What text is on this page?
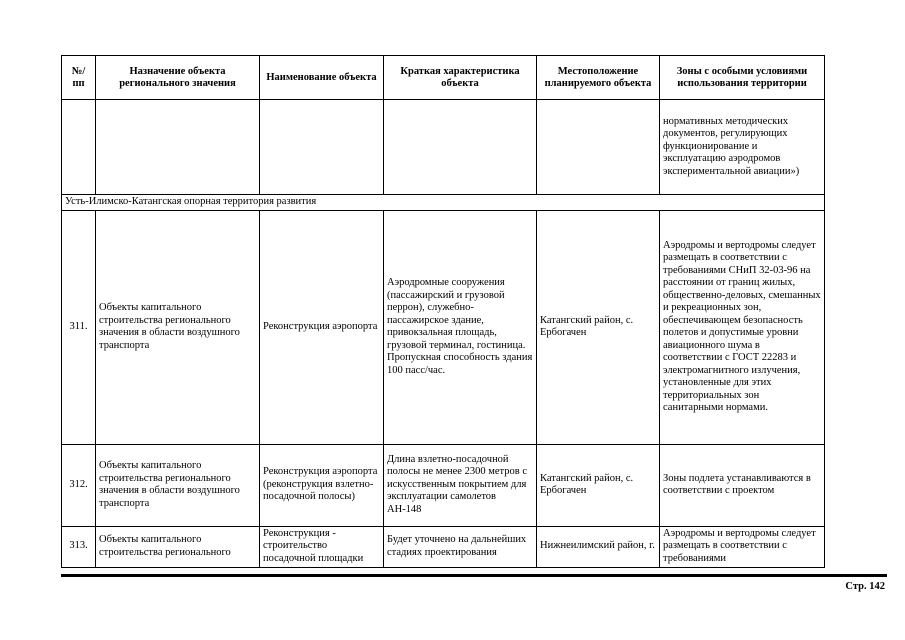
№/ пп	Назначение объекта регионального значения	Наименование объекта	Краткая характеристика объекта	Местоположение планируемого объекта	Зоны с особыми условиями использования территории
					нормативных методических документов, регулирующих функционирование и эксплуатацию аэродромов экспериментальной авиации»)
Усть-Илимско-Катангская опорная территория развития					
311.	Объекты капитального строительства регионального значения в области воздушного транспорта	Реконструкция аэропорта	Аэродромные сооружения (пассажирский и грузовой перрон), служебно-пассажирское здание, привокзальная площадь, грузовой терминал, гостиница. Пропускная способность здания 100 пасс/час.	Катангский район, с. Ербогачен	Аэродромы и вертодромы следует размещать в соответствии с требованиями СНиП 32-03-96 на расстоянии от границ жилых, общественно-деловых, смешанных и рекреационных зон, обеспечивающем безопасность полетов и допустимые уровни авиационного шума в соответствии с ГОСТ 22283 и электромагнитного излучения, установленные для этих территориальных зон санитарными нормами.
312.	Объекты капитального строительства регионального значения в области воздушного транспорта	Реконструкция аэропорта (реконструкция взлетно-посадочной полосы)	Длина взлетно-посадочной полосы не менее 2300 метров с искусственным покрытием для эксплуатации самолетов АН-148	Катангский район, с. Ербогачен	Зоны подлета устанавливаются в соответствии с проектом
313.	Объекты капитального строительства регионального	Реконструкция - строительство посадочной площадки	Будет уточнено на дальнейших стадиях проектирования	Нижнеилимский район, г.	Аэродромы и вертодромы следует размещать в соответствии с требованиями
Стр. 142
